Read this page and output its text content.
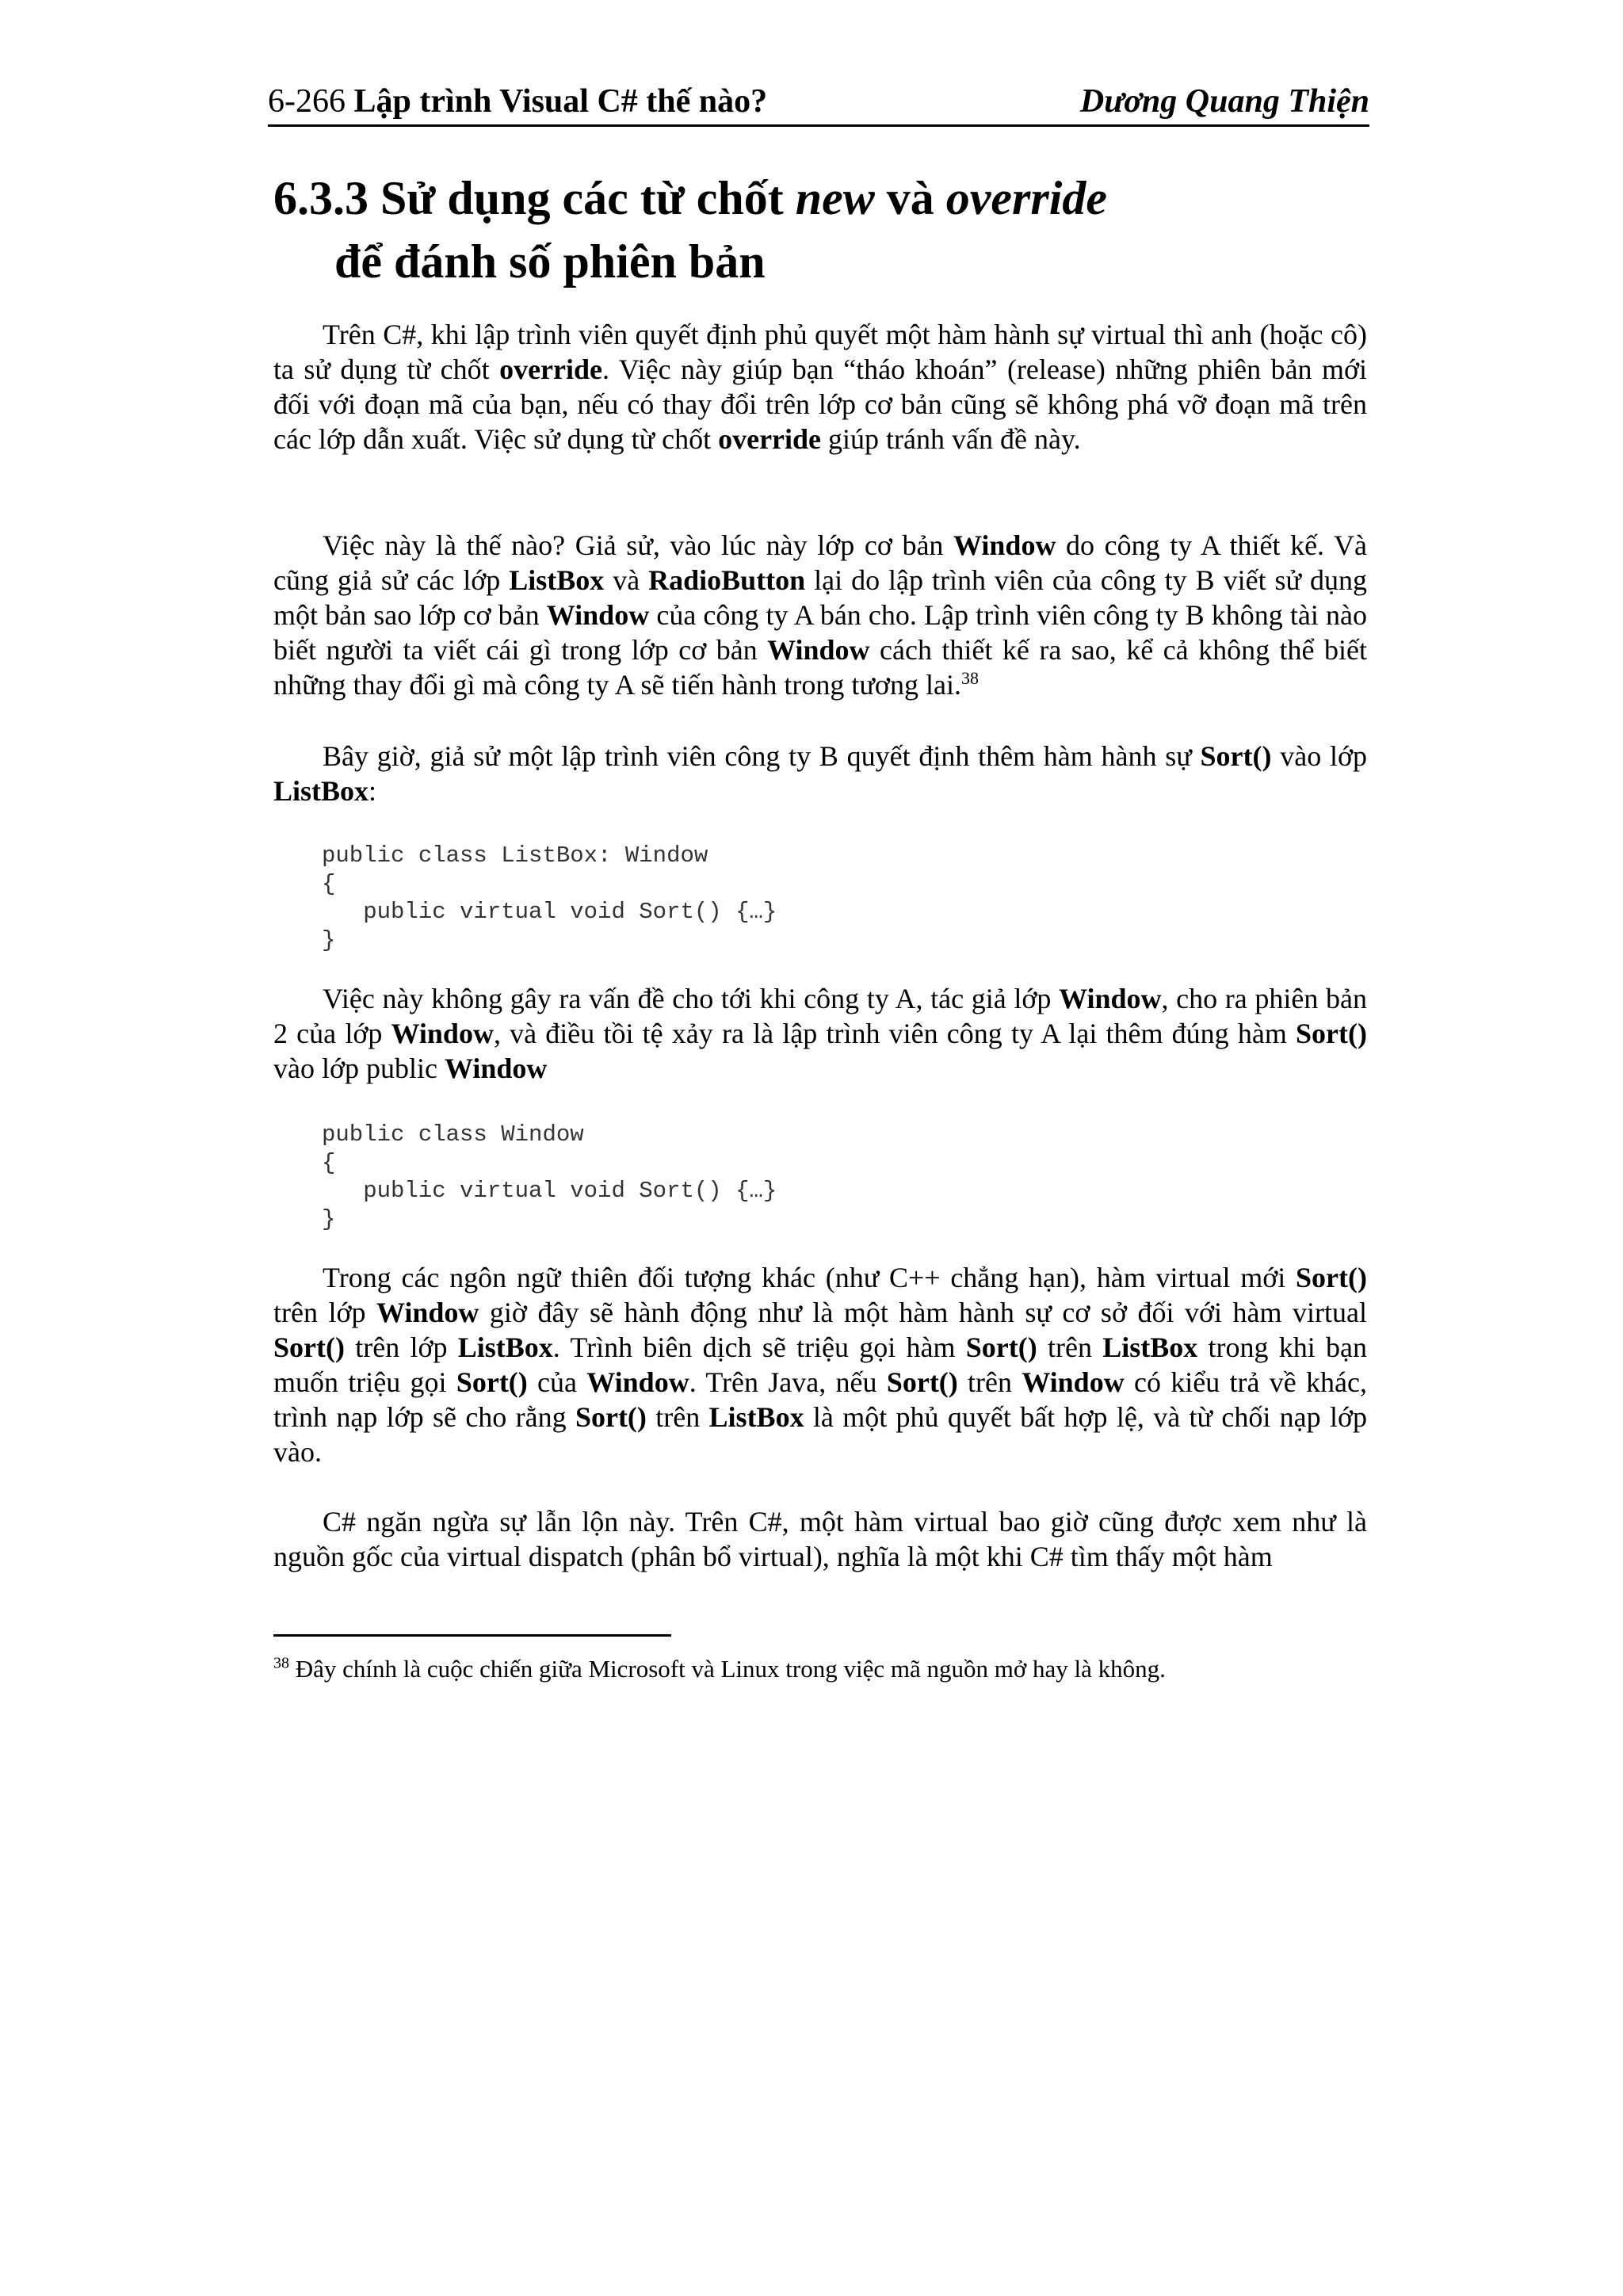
6-266 Lập trình Visual C# thế nào?	Dương Quang Thiện
6.3.3 Sử dụng các từ chốt new và override
để đánh số phiên bản

Trên C#, khi lập trình viên quyết định phủ quyết một hàm hành sự virtual thì anh (hoặc cô) ta sử dụng từ chốt override. Việc này giúp bạn “tháo khoán” (release) những phiên bản mới đối với đoạn mã của bạn, nếu có thay đổi trên lớp cơ bản cũng sẽ không phá vỡ đoạn mã trên các lớp dẫn xuất. Việc sử dụng từ chốt override giúp tránh vấn đề này.

Việc này là thế nào? Giả sử, vào lúc này lớp cơ bản Window do công ty A thiết kế. Và cũng giả sử các lớp ListBox và RadioButton lại do lập trình viên của công ty B viết sử dụng một bản sao lớp cơ bản Window của công ty A bán cho. Lập trình viên công ty B không tài nào biết người ta viết cái gì trong lớp cơ bản Window cách thiết kế ra sao, kể cả không thể biết những thay đổi gì mà công ty A sẽ tiến hành trong tương lai.$^{38}$

Bây giờ, giả sử một lập trình viên công ty B quyết định thêm hàm hành sự Sort() vào lớp ListBox:

public class ListBox: Window
{
public virtual void Sort() {…}
}

Việc này không gây ra vấn đề cho tới khi công ty A, tác giả lớp Window, cho ra phiên bản 2 của lớp Window, và điều tồi tệ xảy ra là lập trình viên công ty A lại thêm đúng hàm Sort() vào lớp public Window

public class Window
{
public virtual void Sort() {…}
}

Trong các ngôn ngữ thiên đối tượng khác (như C++ chẳng hạn), hàm virtual mới Sort() trên lớp Window giờ đây sẽ hành động như là một hàm hành sự cơ sở đối với hàm virtual Sort() trên lớp ListBox. Trình biên dịch sẽ triệu gọi hàm Sort() trên ListBox trong khi bạn muốn triệu gọi Sort() của Window. Trên Java, nếu Sort() trên Window có kiểu trả về khác, trình nạp lớp sẽ cho rằng Sort() trên ListBox là một phủ quyết bất hợp lệ, và từ chối nạp lớp vào.

C# ngăn ngừa sự lẫn lộn này. Trên C#, một hàm virtual bao giờ cũng được xem như là nguồn gốc của virtual dispatch (phân bổ virtual), nghĩa là một khi C# tìm thấy một hàm

$^{38}$ Đây chính là cuộc chiến giữa Microsoft và Linux trong việc mã nguồn mở hay là không.
